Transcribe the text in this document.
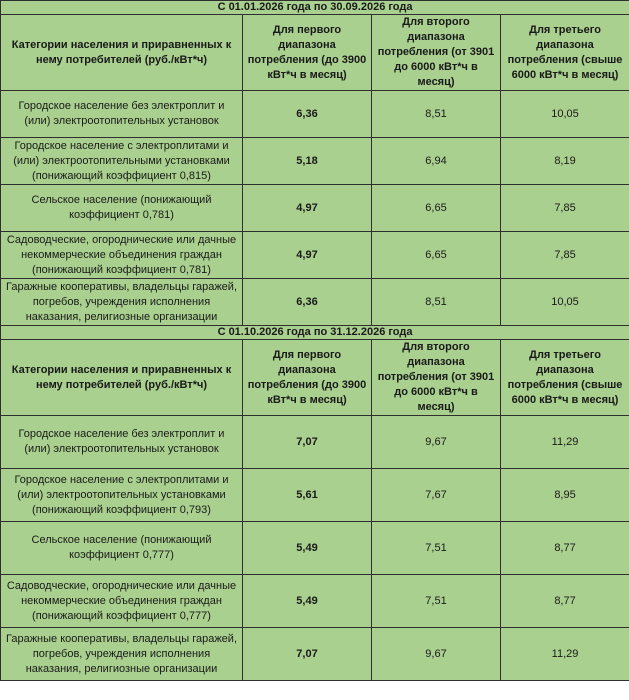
С 01.01.2026 года по 30.09.2026 года			
Категории населения и приравненных к нему потребителей (руб./кВт*ч)	Для первого диапазона потребления (до 3900 кВт*ч в месяц)	Для второго диапазона потребления (от 3901 до 6000 кВт*ч в месяц)	Для третьего диапазона потребления (свыше 6000 кВт*ч в месяц)
Городское население без электроплит и (или) электроотопительных установок	6,36	8,51	10,05
Городское население с электроплитами и (или) электроотопительными установками (понижающий коэффициент 0,815)	5,18	6,94	8,19
Сельское население (понижающий коэффициент 0,781)	4,97	6,65	7,85
Садоводческие, огороднические или дачные некоммерческие объединения граждан (понижающий коэффициент 0,781)	4,97	6,65	7,85
Гаражные кооперативы, владельцы гаражей, погребов, учреждения исполнения наказания, религиозные организации	6,36	8,51	10,05
С 01.10.2026 года по 31.12.2026 года			
Категории населения и приравненных к нему потребителей (руб./кВт*ч)	Для первого диапазона потребления (до 3900 кВт*ч в месяц)	Для второго диапазона потребления (от 3901 до 6000 кВт*ч в месяц)	Для третьего диапазона потребления (свыше 6000 кВт*ч в месяц)
Городское население без электроплит и (или) электроотопительных установок	7,07	9,67	11,29
Городское население с электроплитами и (или) электроотопительных установками (понижающий коэффициент 0,793)	5,61	7,67	8,95
Сельское население (понижающий коэффициент 0,777)	5,49	7,51	8,77
Садоводческие, огороднические или дачные некоммерческие объединения граждан (понижающий коэффициент 0,777)	5,49	7,51	8,77
Гаражные кооперативы, владельцы гаражей, погребов, учреждения исполнения наказания, религиозные организации	7,07	9,67	11,29
